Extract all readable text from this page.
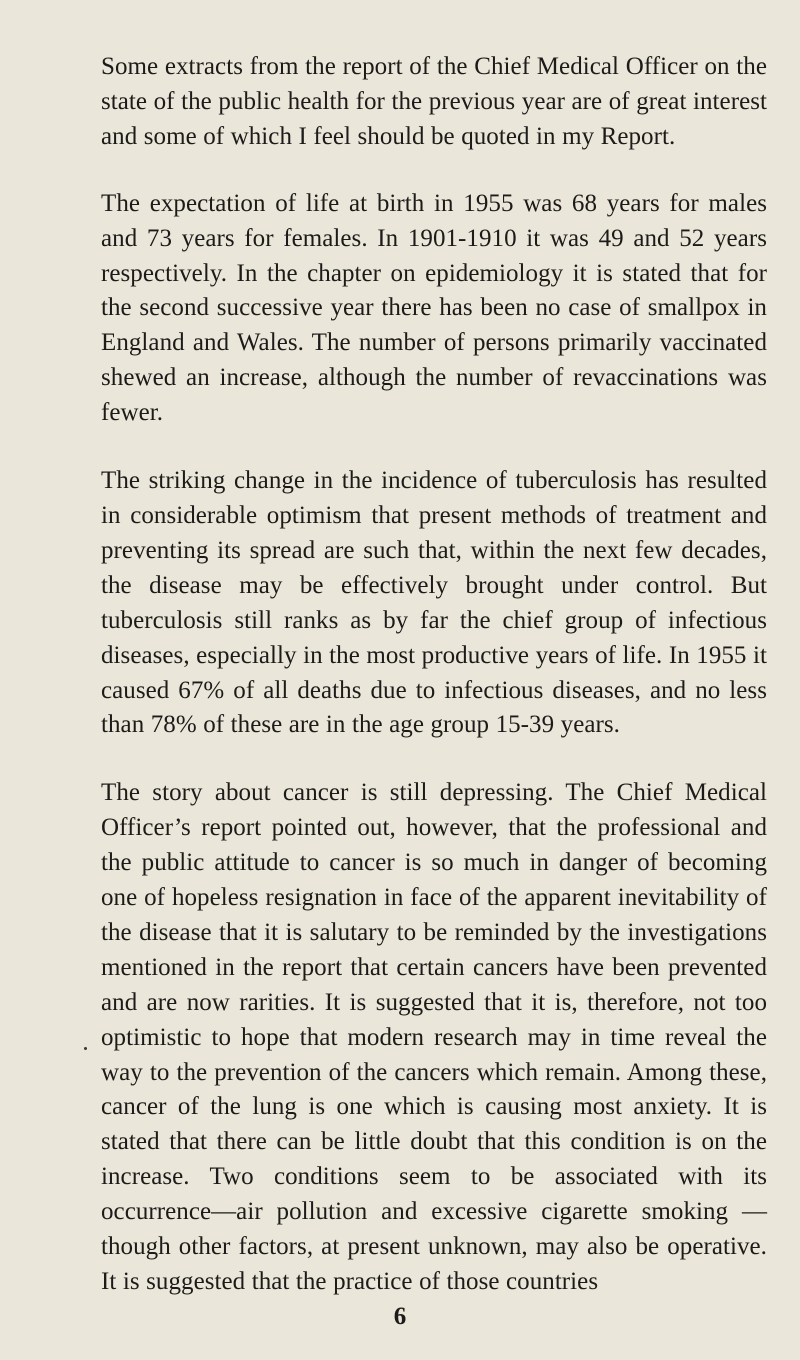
Some extracts from the report of the Chief Medical Officer on the state of the public health for the previous year are of great interest and some of which I feel should be quoted in my Report.

The expectation of life at birth in 1955 was 68 years for males and 73 years for females. In 1901-1910 it was 49 and 52 years respectively. In the chapter on epidemiology it is stated that for the second successive year there has been no case of smallpox in England and Wales. The number of persons primarily vaccinated shewed an increase, although the number of revaccinations was fewer.

The striking change in the incidence of tuberculosis has resulted in considerable optimism that present methods of treatment and preventing its spread are such that, within the next few decades, the disease may be effectively brought under control. But tuberculosis still ranks as by far the chief group of infectious diseases, especially in the most productive years of life. In 1955 it caused 67% of all deaths due to infectious diseases, and no less than 78% of these are in the age group 15-39 years.

The story about cancer is still depressing. The Chief Medical Officer’s report pointed out, however, that the professional and the public attitude to cancer is so much in danger of becoming one of hopeless resignation in face of the apparent inevitability of the disease that it is salutary to be reminded by the investigations mentioned in the report that certain cancers have been prevented and are now rarities. It is suggested that it is, therefore, not too optimistic to hope that modern research may in time reveal the way to the prevention of the cancers which remain. Among these, cancer of the lung is one which is causing most anxiety. It is stated that there can be little doubt that this condition is on the increase. Two conditions seem to be associated with its occurrence—air pollution and excessive cigarette smoking —though other factors, at present unknown, may also be operative. It is suggested that the practice of those countries

6
